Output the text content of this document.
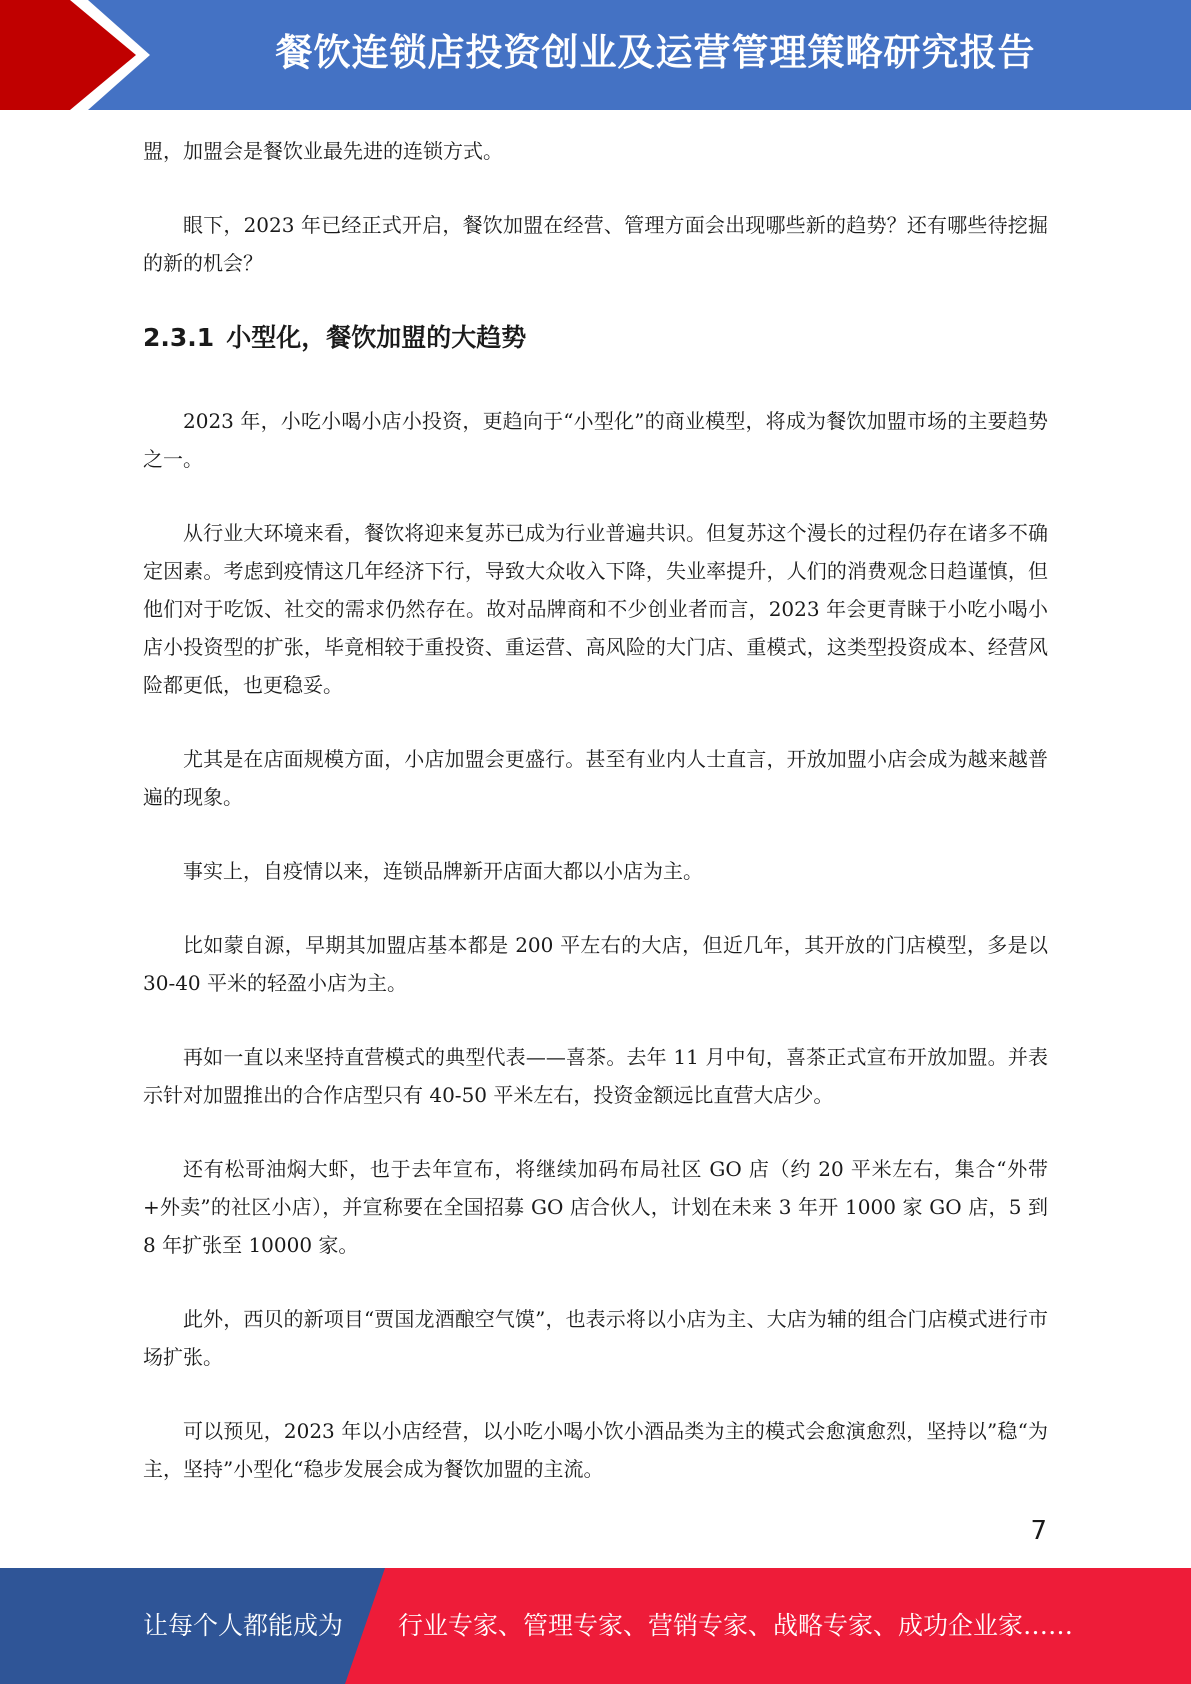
餐饮连锁店投资创业及运营管理策略研究报告

盟，加盟会是餐饮业最先进的连锁方式。

眼下，2023 年已经正式开启，餐饮加盟在经营、管理方面会出现哪些新的趋势？还有哪些待挖掘的新的机会？

2.3.1 小型化，餐饮加盟的大趋势

2023 年，小吃小喝小店小投资，更趋向于“小型化”的商业模型，将成为餐饮加盟市场的主要趋势之一。

从行业大环境来看，餐饮将迎来复苏已成为行业普遍共识。但复苏这个漫长的过程仍存在诸多不确定因素。考虑到疫情这几年经济下行，导致大众收入下降，失业率提升，人们的消费观念日趋谨慎，但他们对于吃饭、社交的需求仍然存在。故对品牌商和不少创业者而言，2023 年会更青睐于小吃小喝小店小投资型的扩张，毕竟相较于重投资、重运营、高风险的大门店、重模式，这类型投资成本、经营风险都更低，也更稳妥。

尤其是在店面规模方面，小店加盟会更盛行。甚至有业内人士直言，开放加盟小店会成为越来越普遍的现象。

事实上，自疫情以来，连锁品牌新开店面大都以小店为主。

比如蒙自源，早期其加盟店基本都是 200 平左右的大店，但近几年，其开放的门店模型，多是以 30-40 平米的轻盈小店为主。

再如一直以来坚持直营模式的典型代表——喜茶。去年 11 月中旬，喜茶正式宣布开放加盟。并表示针对加盟推出的合作店型只有 40-50 平米左右，投资金额远比直营大店少。

还有松哥油焖大虾，也于去年宣布，将继续加码布局社区 GO 店（约 20 平米左右，集合“外带+外卖”的社区小店），并宣称要在全国招募 GO 店合伙人，计划在未来 3 年开 1000 家 GO 店，5 到 8 年扩张至 10000 家。

此外，西贝的新项目“贾国龙酒酿空气馍”，也表示将以小店为主、大店为辅的组合门店模式进行市场扩张。

可以预见，2023 年以小店经营，以小吃小喝小饮小酒品类为主的模式会愈演愈烈，坚持以”稳“为主，坚持”小型化“稳步发展会成为餐饮加盟的主流。

7
让每个人都能成为 行业专家、管理专家、营销专家、战略专家、成功企业家……
